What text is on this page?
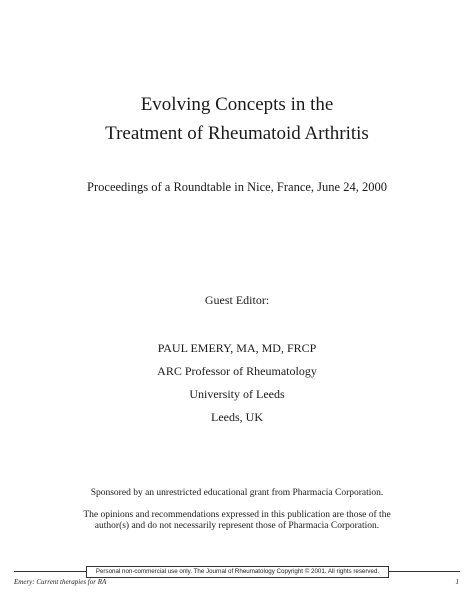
Evolving Concepts in the
Treatment of Rheumatoid Arthritis
Proceedings of a Roundtable in Nice, France, June 24, 2000
Guest Editor:
PAUL EMERY, MA, MD, FRCP
ARC Professor of Rheumatology
University of Leeds
Leeds, UK
Sponsored by an unrestricted educational grant from Pharmacia Corporation.
The opinions and recommendations expressed in this publication are those of the
author(s) and do not necessarily represent those of Pharmacia Corporation.
Personal non-commercial use only. The Journal of Rheumatology Copyright © 2001. All rights reserved.
Emery: Current therapies for RA	1
